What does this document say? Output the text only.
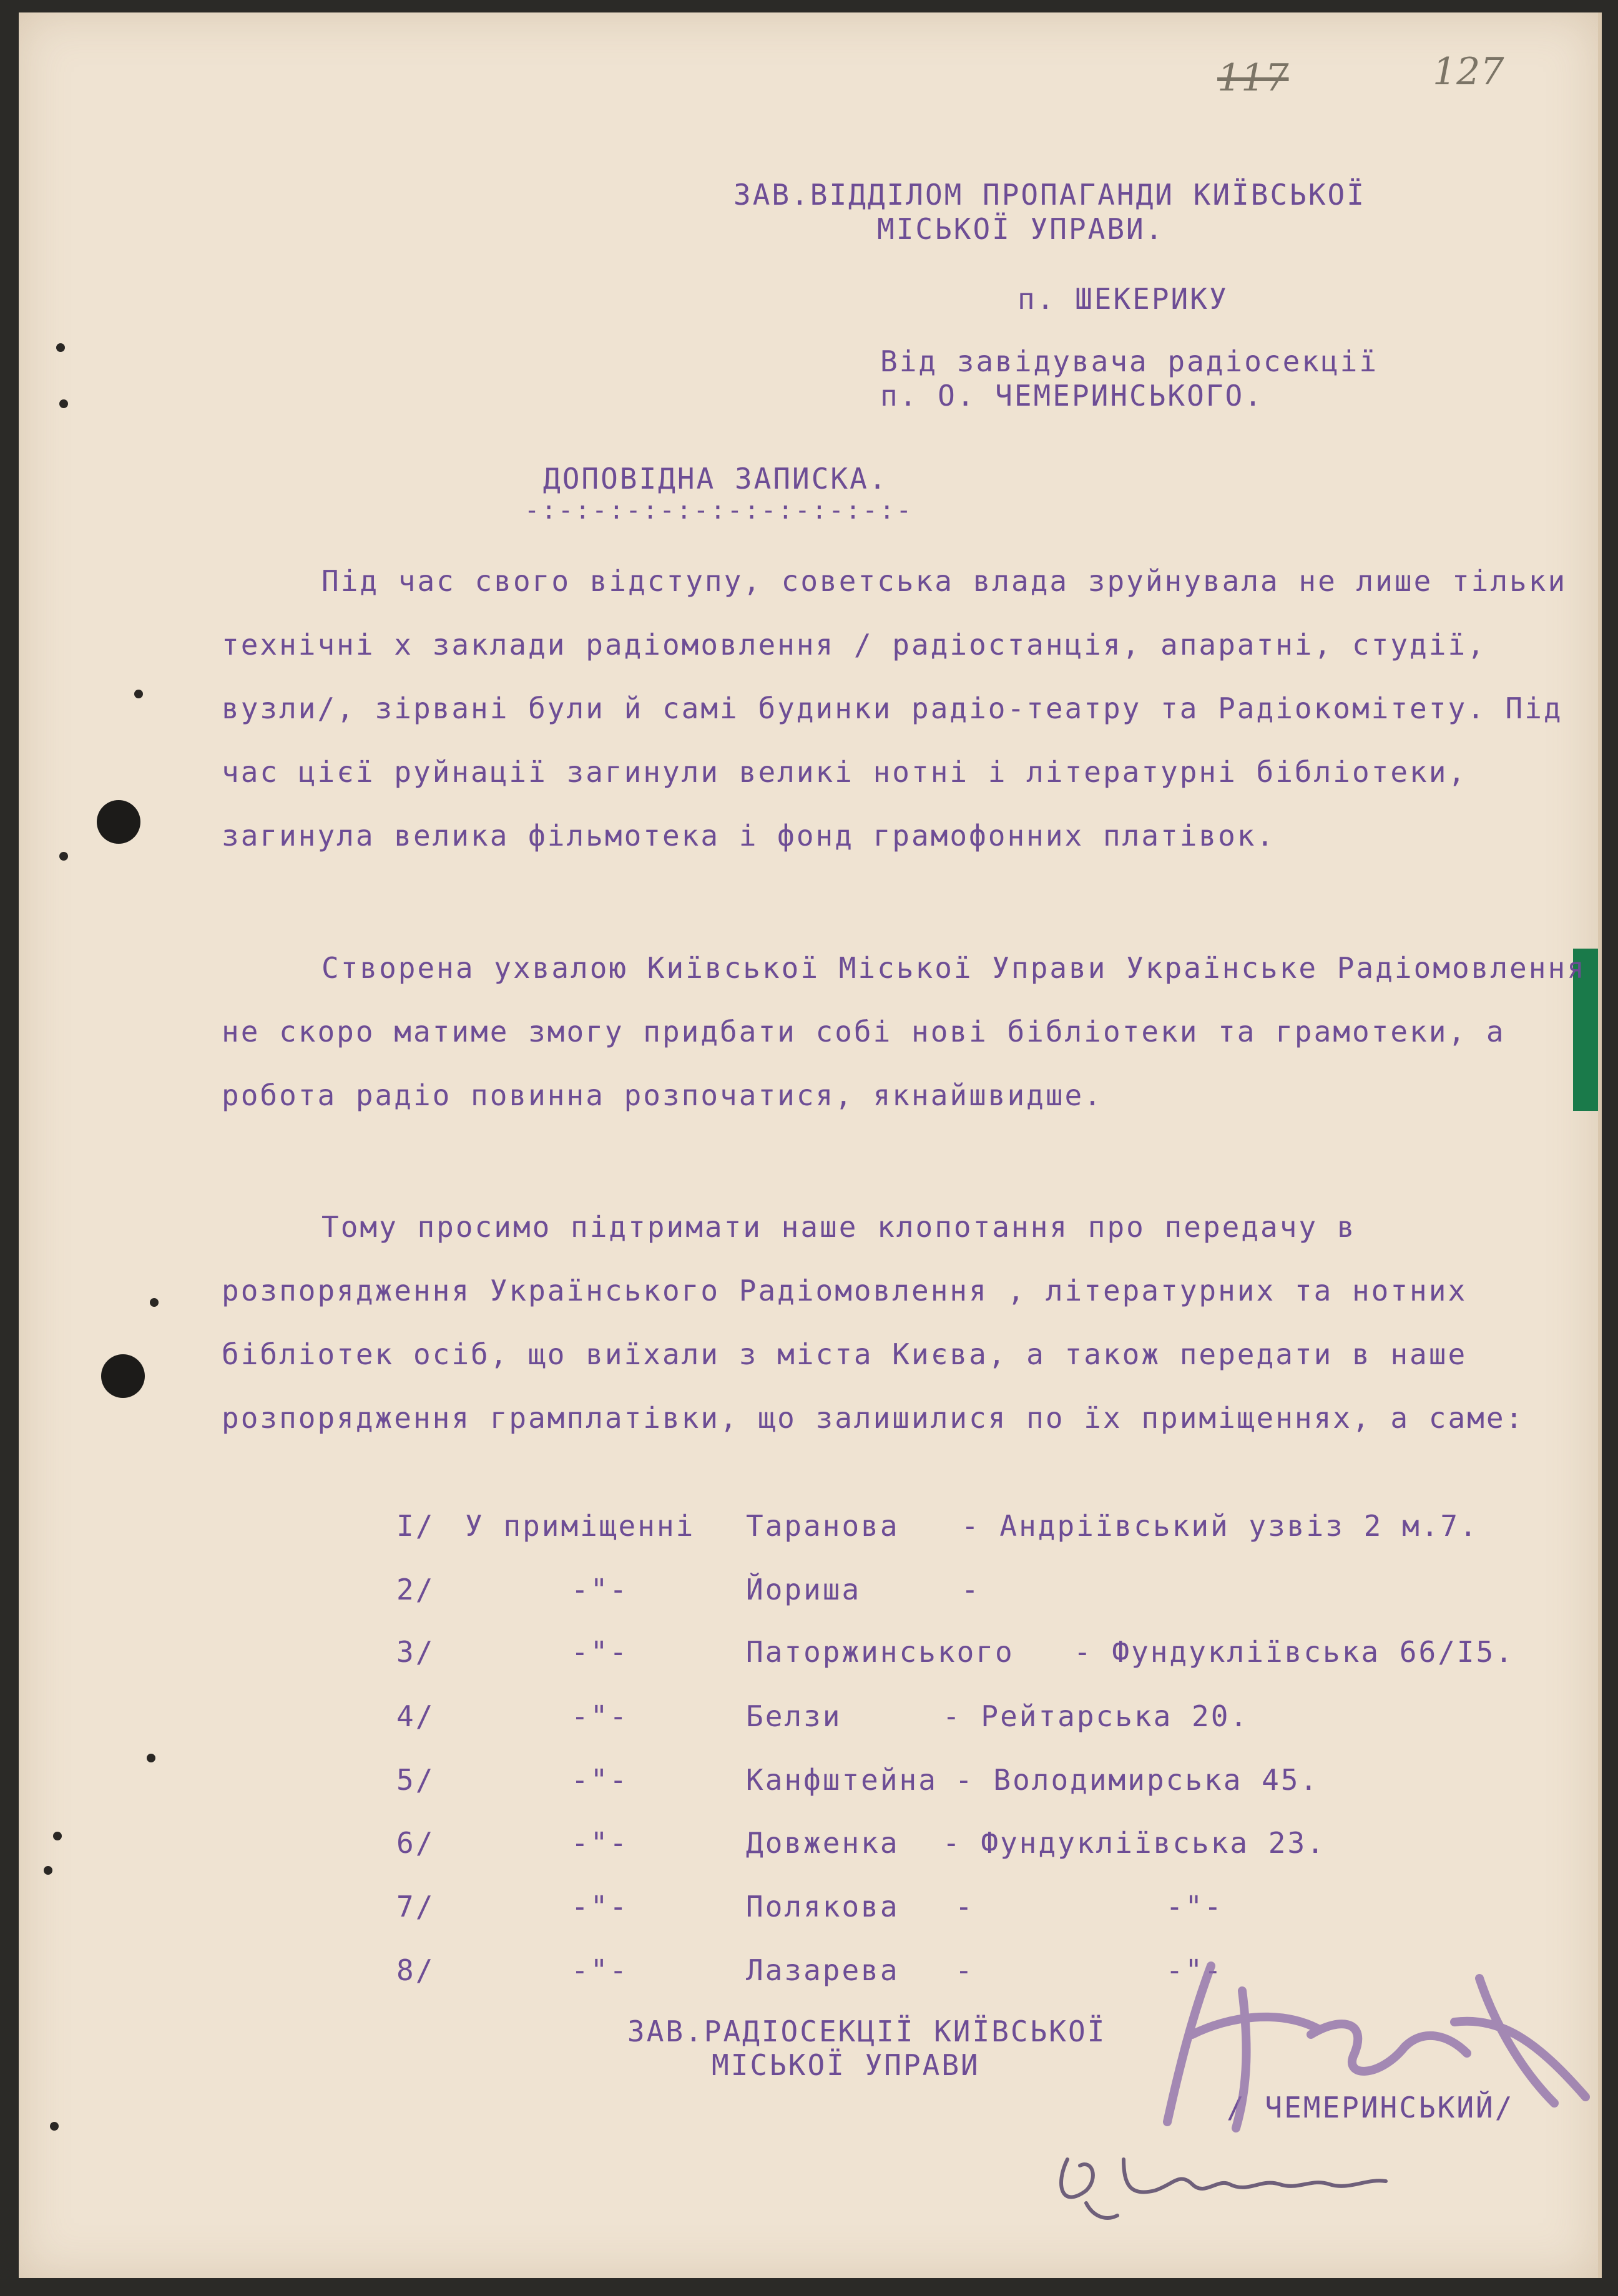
117	127

ЗАВ.ВІДДІЛОМ ПРОПАГАНДИ КИЇВСЬКОЇ

МІСЬКОЇ УПРАВИ.

п. ШЕКЕРИКУ

Від завідувача радіосекції

п. О. ЧЕМЕРИНСЬКОГО.

ДОПОВІДНА ЗАПИСКА.

-:-:-:-:-:-:-:-:-:-:-:-

Під час свого відступу, советська влада зруйнувала не лише тільки технічні х заклади радіомовлення / радіостанція, апаратні, студії, вузли/, зірвані були й самі будинки радіо-театру та Радіокомітету. Під час цієї руйнації загинули великі нотні і літературні бібліотеки, загинула велика фільмотека і фонд грамофонних платівок.

Створена ухвалою Київської Міської Управи Українське Радіомовлення не скоро матиме змогу придбати собі нові бібліотеки та грамотеки, а робота радіо повинна розпочатися, якнайшвидше.

Тому просимо підтримати наше клопотання про передачу в розпорядження Українського Радіомовлення , літературних та нотних бібліотек осіб, що виїхали з міста Києва, а також передати в наше розпорядження грамплатівки, що залишилися по їх приміщеннях, а саме:

I/ У приміщенні Таранова - Андріївський узвіз 2 м.7.
2/	-"-	Йориша	-
3/	-"-	Паторжинського - Фундукліївська 66/I5.
4/	-"-	Белзи	- Рейтарська 20.
5/	-"-	Канфштейна - Володимирська 45.
6/	-"-	Довженка - Фундукліївська 23.
7/	-"-	Полякова -          -"-
8/	-"-	Лазарева -          -"-

ЗАВ.РАДІОСЕКЦІЇ КИЇВСЬКОЇ

МІСЬКОЇ УПРАВИ

/ ЧЕМЕРИНСЬКИЙ/
